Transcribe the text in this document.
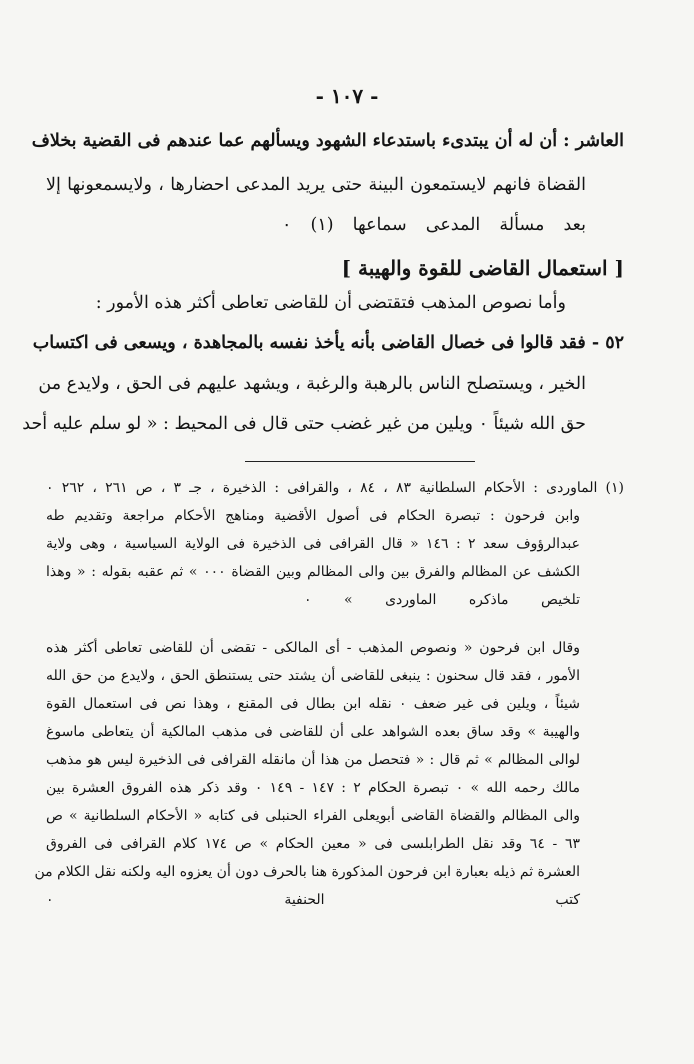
- ١٠٧ -
العاشر : أن له أن يبتدىء باستدعاء الشهود ويسألهم عما عندهم فى القضية بخلاف
القضاة فانهم لايستمعون البينة حتى يريد المدعى احضارها ، ولايسمعونها إلا
بعد مسألة المدعى سماعها (١) ٠
[ استعمال القاضى للقوة والهيبة ]
وأما نصوص المذهب فتقتضى أن للقاضى تعاطى أكثر هذه الأمور :
٥٢ - فقد قالوا فى خصال القاضى بأنه يأخذ نفسه بالمجاهدة ، ويسعى فى اكتساب
الخير ، ويستصلح الناس بالرهبة والرغبة ، ويشهد عليهم فى الحق ، ولايدع من
حق الله شيئاً ٠ ويلين من غير غضب حتى قال فى المحيط : « لو سلم عليه أحد
(١) الماوردى : الأحكام السلطانية ٨٣ ، ٨٤ ، والقرافى : الذخيرة ، جـ ٣ ، ص ٢٦١ ، ٢٦٢ ٠
وابن فرحون : تبصرة الحكام فى أصول الأقضية ومناهج الأحكام مراجعة وتقديم طه
عبدالرؤوف سعد ٢ : ١٤٦ « قال القرافى فى الذخيرة فى الولاية السياسية ، وهى ولاية
الكشف عن المظالم والفرق بين والى المظالم وبين القضاة ٠٠٠ » ثم عقبه بقوله : « وهذا
تلخيص ماذكره الماوردى » ٠
وقال ابن فرحون « ونصوص المذهب - أى المالكى - تقضى أن للقاضى تعاطى أكثر هذه
الأمور ، فقد قال سحنون : ينبغى للقاضى أن يشتد حتى يستنطق الحق ، ولايدع من حق الله
شيئاً ، ويلين فى غير ضعف ٠ نقله ابن بطال فى المقنع ، وهذا نص فى استعمال القوة
والهيبة » وقد ساق بعده الشواهد على أن للقاضى فى مذهب المالكية أن يتعاطى ماسوغ
لوالى المظالم » ثم قال : « فتحصل من هذا أن مانقله القرافى فى الذخيرة ليس هو مذهب
مالك رحمه الله » ٠ تبصرة الحكام ٢ : ١٤٧ - ١٤٩ ٠ وقد ذكر هذه الفروق العشرة بين
والى المظالم والقضاة القاضى أبويعلى الفراء الحنبلى فى كتابه « الأحكام السلطانية » ص
٦٣ - ٦٤ وقد نقل الطرابلسى فى « معين الحكام » ص ١٧٤ كلام القرافى فى الفروق
العشرة ثم ذيله بعبارة ابن فرحون المذكورة هنا بالحرف دون أن يعزوه اليه ولكنه نقل الكلام من
كتب الحنفية ٠
